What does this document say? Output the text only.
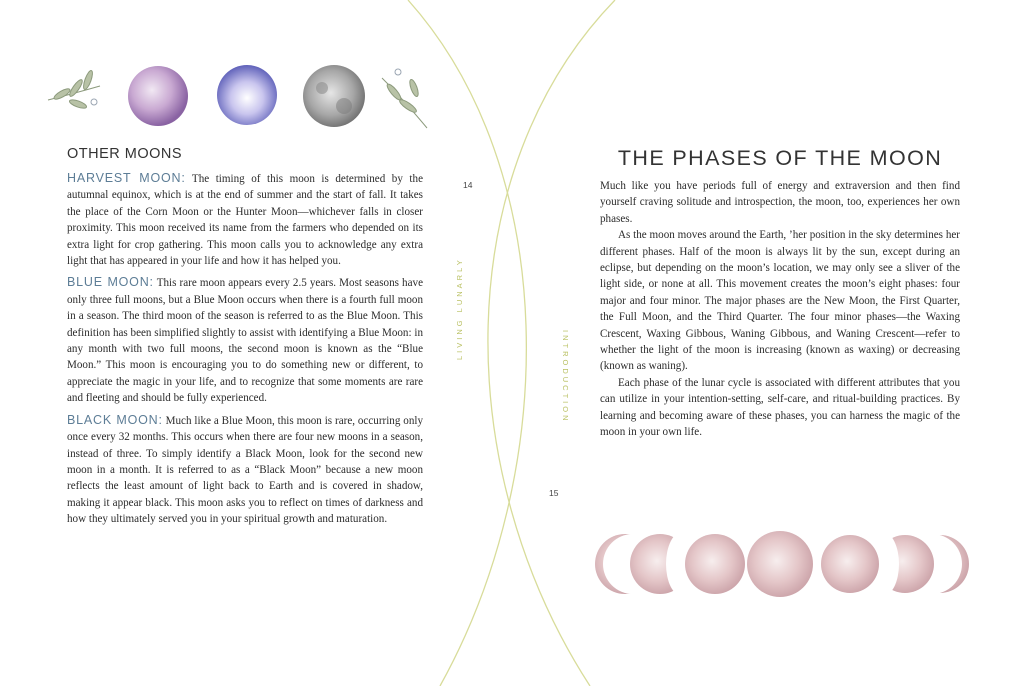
OTHER MOONS

HARVEST MOON: The timing of this moon is determined by the autumnal equinox, which is at the end of summer and the start of fall. It takes the place of the Corn Moon or the Hunter Moon—whichever falls in closer proximity. This moon received its name from the farmers who depended on its extra light for crop gathering. This moon calls you to acknowledge any extra light that has appeared in your life and how it has helped you.

BLUE MOON: This rare moon appears every 2.5 years. Most seasons have only three full moons, but a Blue Moon occurs when there is a fourth full moon in a season. The third moon of the season is referred to as the Blue Moon. This definition has been simplified slightly to assist with identifying a Blue Moon: in any month with two full moons, the second moon is known as the “Blue Moon.” This moon is encouraging you to do something new or different, to appreciate the magic in your life, and to recognize that some moments are rare and fleeting and should be fully experienced.

BLACK MOON: Much like a Blue Moon, this moon is rare, occurring only once every 32 months. This occurs when there are four new moons in a season, instead of three. To simply identify a Black Moon, look for the second new moon in a month. It is referred to as a “Black Moon” because a new moon reflects the least amount of light back to Earth and is covered in shadow, making it appear black. This moon asks you to reflect on times of darkness and how they ultimately served you in your spiritual growth and maturation.

14
LIVING LUNARLY
15
INTRODUCTION
THE PHASES OF THE MOON

Much like you have periods full of energy and extraversion and then find yourself craving solitude and introspection, the moon, too, experiences her own phases.

As the moon moves around the Earth, ’her position in the sky determines her different phases. Half of the moon is always lit by the sun, except during an eclipse, but depending on the moon’s location, we may only see a sliver of the light side, or none at all. This movement creates the moon’s eight phases: four major and four minor. The major phases are the New Moon, the First Quarter, the Full Moon, and the Third Quarter. The four minor phases—the Waxing Crescent, Waxing Gibbous, Waning Gibbous, and Waning Crescent—refer to whether the light of the moon is increasing (known as waxing) or decreasing (known as waning).

Each phase of the lunar cycle is associated with different attributes that you can utilize in your intention-setting, self-care, and ritual-building practices. By learning and becoming aware of these phases, you can harness the magic of the moon in your own life.
